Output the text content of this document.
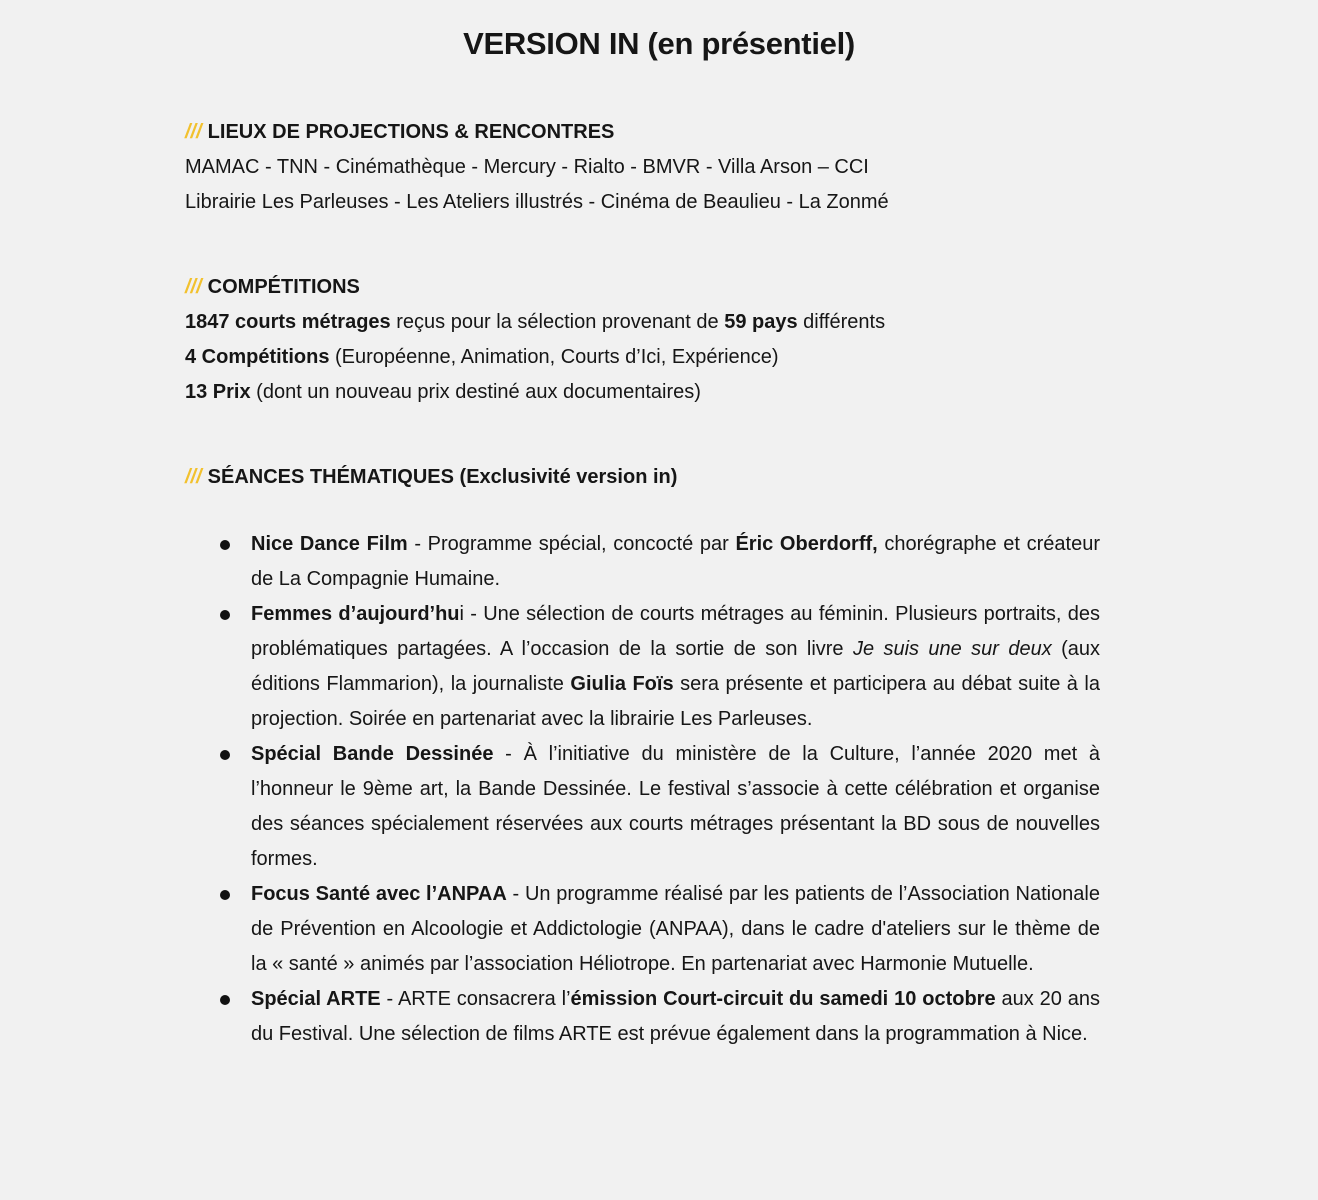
VERSION IN (en présentiel)
/// LIEUX DE PROJECTIONS & RENCONTRES
MAMAC - TNN - Cinémathèque - Mercury - Rialto - BMVR - Villa Arson – CCI
Librairie Les Parleuses - Les Ateliers illustrés - Cinéma de Beaulieu - La Zonmé
/// COMPÉTITIONS
1847 courts métrages reçus pour la sélection provenant de 59 pays différents
4 Compétitions (Européenne, Animation, Courts d’Ici, Expérience)
13 Prix (dont un nouveau prix destiné aux documentaires)
/// SÉANCES THÉMATIQUES (Exclusivité version in)
Nice Dance Film - Programme spécial, concocté par Éric Oberdorff, chorégraphe et créateur de La Compagnie Humaine.
Femmes d’aujourd’hui - Une sélection de courts métrages au féminin. Plusieurs portraits, des problématiques partagées. A l’occasion de la sortie de son livre Je suis une sur deux (aux éditions Flammarion), la journaliste Giulia Foïs sera présente et participera au débat suite à la projection. Soirée en partenariat avec la librairie Les Parleuses.
Spécial Bande Dessinée - À l’initiative du ministère de la Culture, l’année 2020 met à l’honneur le 9ème art, la Bande Dessinée. Le festival s’associe à cette célébration et organise des séances spécialement réservées aux courts métrages présentant la BD sous de nouvelles formes.
Focus Santé avec l’ANPAA - Un programme réalisé par les patients de l’Association Nationale de Prévention en Alcoologie et Addictologie (ANPAA), dans le cadre d'ateliers sur le thème de la « santé » animés par l’association Héliotrope. En partenariat avec Harmonie Mutuelle.
Spécial ARTE - ARTE consacrera l’émission Court-circuit du samedi 10 octobre aux 20 ans du Festival. Une sélection de films ARTE est prévue également dans la programmation à Nice.
